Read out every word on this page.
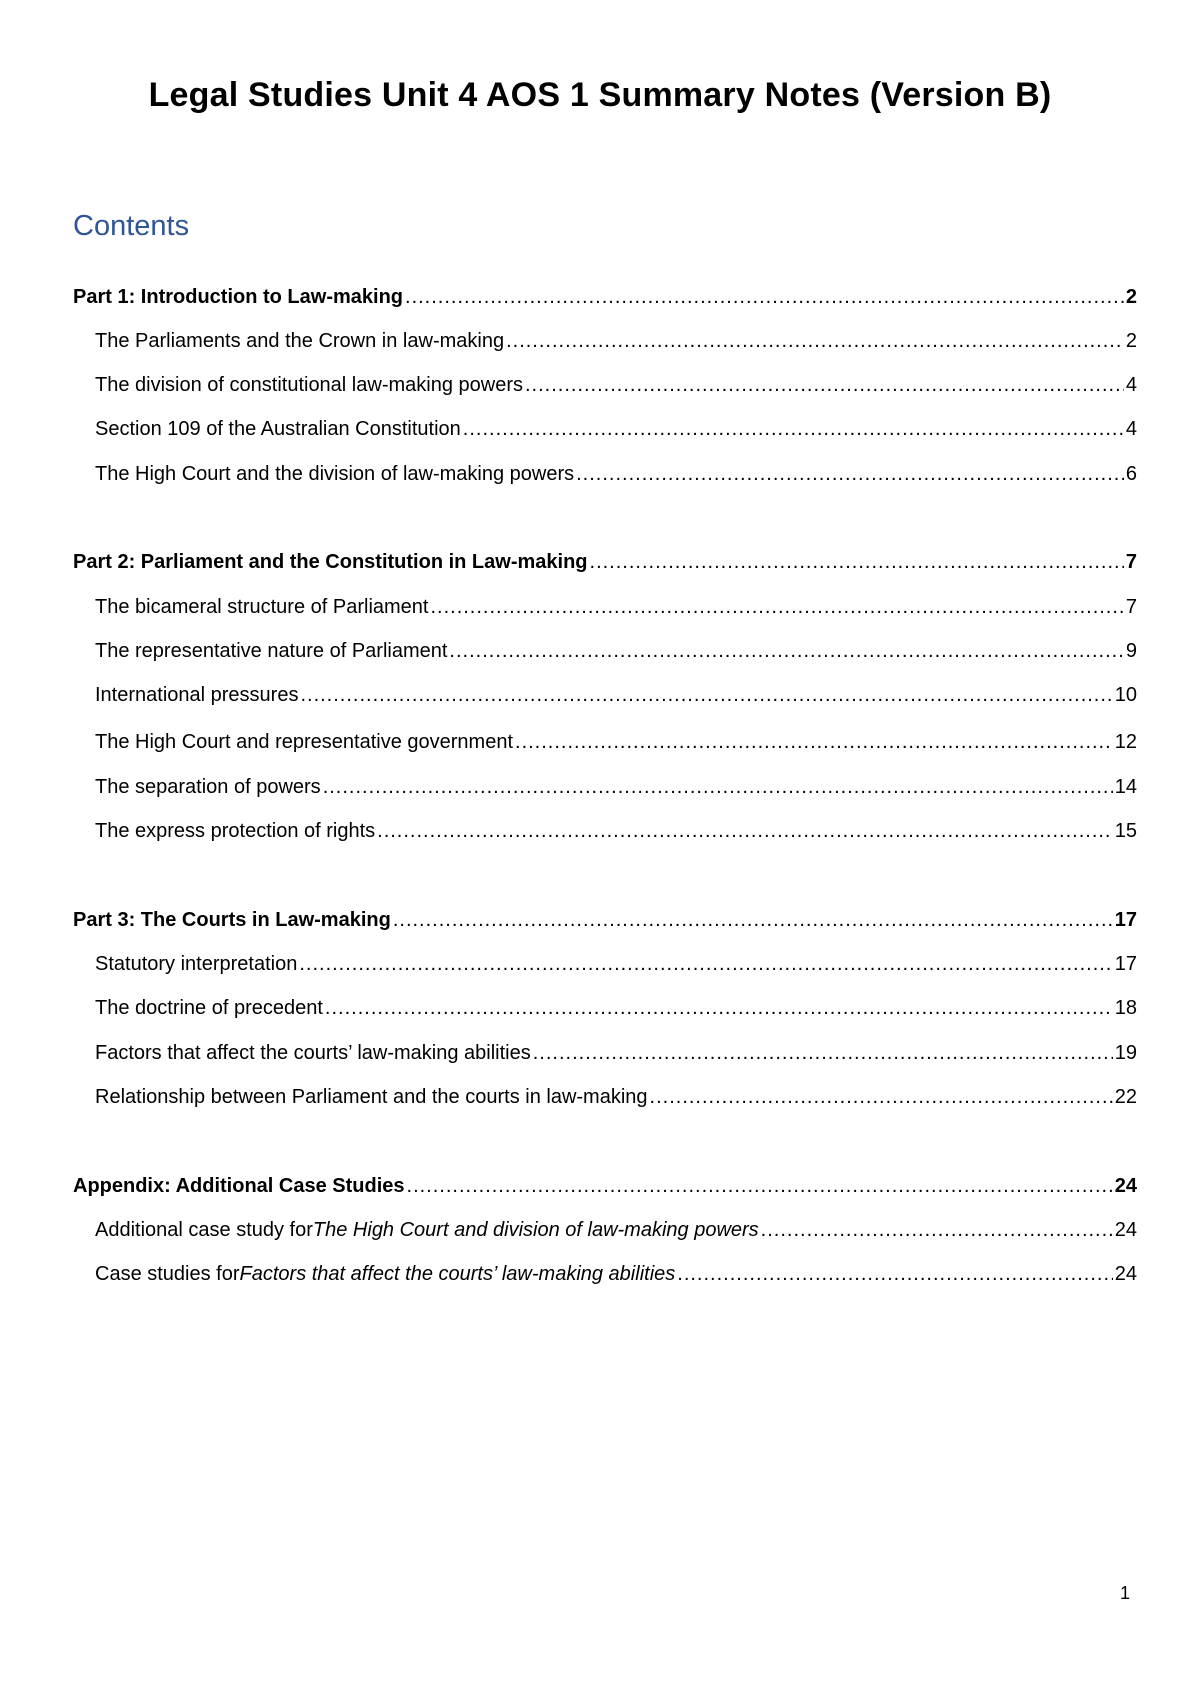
Legal Studies Unit 4 AOS 1 Summary Notes (Version B)
Contents
Part 1: Introduction to Law-making .....	2
The Parliaments and the Crown in law-making .....	2
The division of constitutional law-making powers .....	4
Section 109 of the Australian Constitution .....	4
The High Court and the division of law-making powers .....	6
Part 2: Parliament and the Constitution in Law-making .....	7
The bicameral structure of Parliament .....	7
The representative nature of Parliament .....	9
International pressures .....	10
The High Court and representative government .....	12
The separation of powers .....	14
The express protection of rights .....	15
Part 3: The Courts in Law-making .....	17
Statutory interpretation .....	17
The doctrine of precedent .....	18
Factors that affect the courts’ law-making abilities .....	19
Relationship between Parliament and the courts in law-making .....	22
Appendix: Additional Case Studies .....	24
Additional case study for The High Court and division of law-making powers .....	24
Case studies for Factors that affect the courts’ law-making abilities .....	24
1
